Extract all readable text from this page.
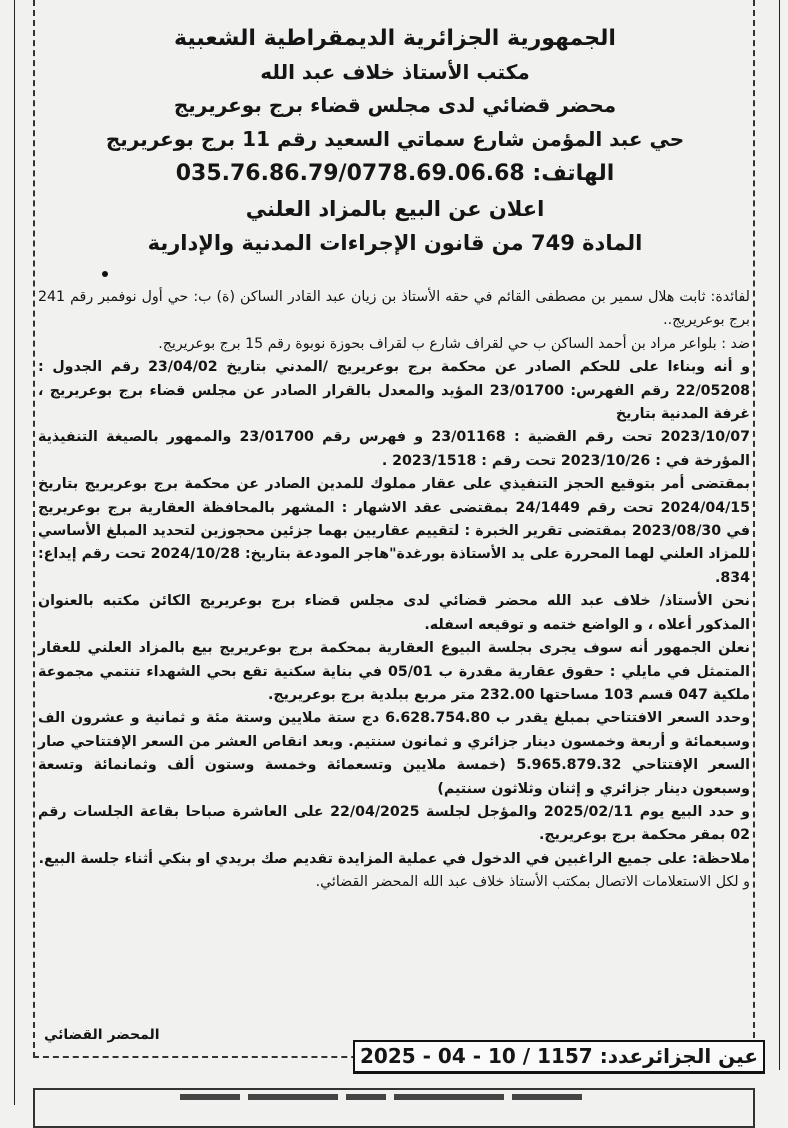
الجمهورية الجزائرية الديمقراطية الشعبية
مكتب الأستاذ خلاف عبد الله
محضر قضائي لدى مجلس قضاء برج بوعريريج
حي عبد المؤمن شارع سماتي السعيد رقم 11 برج بوعريريج
الهاتف: 035.76.86.79/0778.69.06.68
اعلان عن البيع بالمزاد العلني
المادة 749 من قانون الإجراءات المدنية والإدارية

لفائدة: ثابت هلال سمير بن مصطفى القائم في حقه الأستاذ بن زيان عبد القادر الساكن (ة) ب: حي أول نوفمبر رقم 241 برج بوعريريج..

ضد : بلواعر مراد بن أحمد الساكن ب حي لقراف شارع ب لقراف بحوزة نوبوة رقم 15 برج بوعريريج.

و أنه وبناءا على للحكم الصادر عن محكمة برج بوعريريج /المدني بتاريخ 23/04/02 رقم الجدول : 22/05208 رقم الفهرس: 23/01700 المؤيد والمعدل بالقرار الصادر عن مجلس قضاء برج بوعريريج ، غرفة المدنية بتاريخ

2023/10/07 تحت رقم القضية : 23/01168 و فهرس رقم 23/01700 والممهور بالصيغة التنفيذية المؤرخة في : 2023/10/26 تحت رقم : 2023/1518 .

بمقتضى أمر بتوقيع الحجز التنفيذي على عقار مملوك للمدين الصادر عن محكمة برج بوعريريج بتاريخ 2024/04/15 تحت رقم 24/1449 بمقتضى عقد الاشهار : المشهر بالمحافظة العقارية برج بوعريريج في 2023/08/30 بمقتضى تقرير الخبرة : لتقييم عقاريين بهما جزئين محجوزين لتحديد المبلغ الأساسي للمزاد العلني لهما المحررة على يد الأستاذة بورغدة"هاجر المودعة بتاريخ: 2024/10/28 تحت رقم إيداع: 834.

نحن الأستاذ/ خلاف عبد الله محضر قضائي لدى مجلس قضاء برج بوعريريج الكائن مكتبه بالعنوان المذكور أعلاه ، و الواضع ختمه و توقيعه اسفله.

نعلن الجمهور أنه سوف يجرى بجلسة البيوع العقارية بمحكمة برج بوعريريج بيع بالمزاد العلني للعقار المتمثل في مايلي : حقوق عقارية مقدرة ب 05/01 في بناية سكنية تقع بحي الشهداء تنتمي مجموعة ملكية 047 قسم 103 مساحتها 232.00 متر مربع ببلدية برج بوعريريج.

وحدد السعر الافتتاحي بمبلغ يقدر ب 6.628.754.80 دج ستة ملايين وستة مئة و ثمانية و عشرون الف وسبعمائة و أربعة وخمسون دينار جزائري و ثمانون سنتيم. وبعد انقاص العشر من السعر الإفتتاحي صار السعر الإفتتاحي 5.965.879.32 (خمسة ملايين وتسعمائة وخمسة وستون ألف وثمانمائة وتسعة وسبعون دينار جزائري و إثنان وثلاثون سنتيم)

و حدد البيع يوم 2025/02/11 والمؤجل لجلسة 22/04/2025 على العاشرة صباحا بقاعة الجلسات رقم 02 بمقر محكمة برج بوعريريج.

ملاحظة: على جميع الراغبين في الدخول في عملية المزايدة تقديم صك بريدي او بنكي أثناء جلسة البيع.

و لكل الاستعلامات الاتصال بمكتب الأستاذ خلاف عبد الله المحضر القضائي.

المحضر القضائي
عين الجزائرعدد: 1157 / 10 - 04 - 2025
